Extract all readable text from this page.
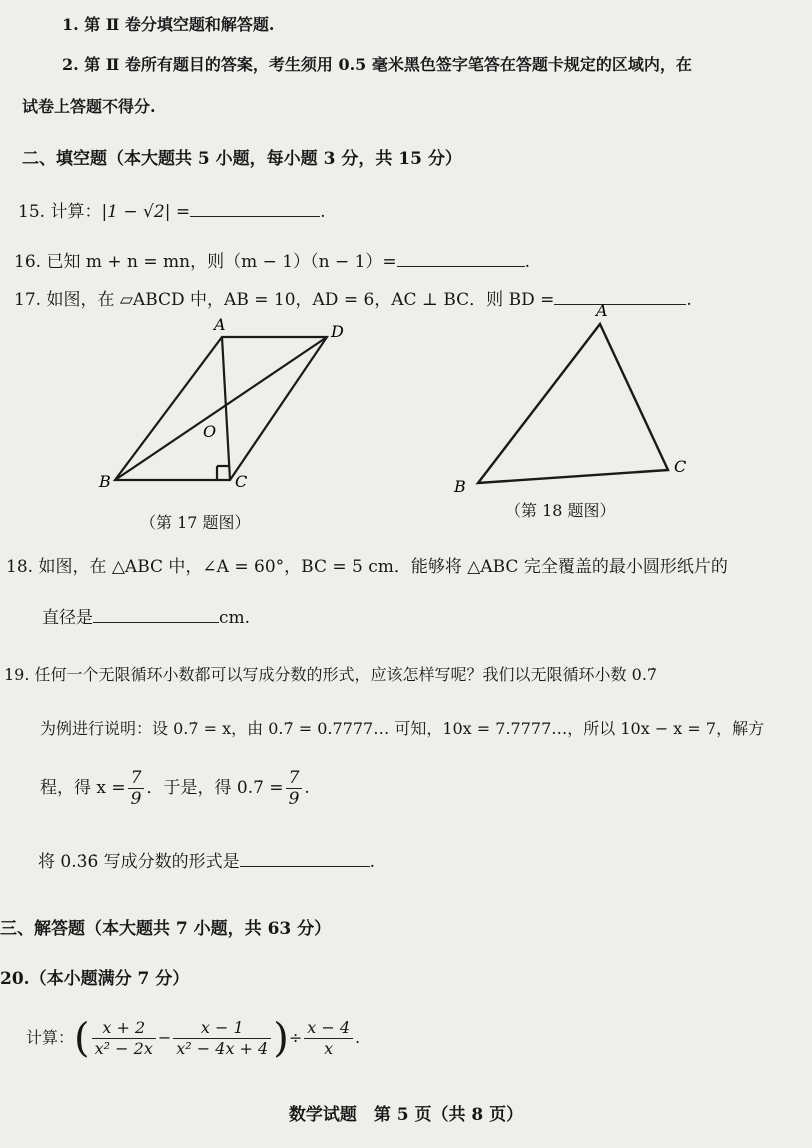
1. 第 Ⅱ 卷分填空题和解答题.
2. 第 Ⅱ 卷所有题目的答案，考生须用 0.5 毫米黑色签字笔答在答题卡规定的区域内，在
试卷上答题不得分.
二、填空题（本大题共 5 小题，每小题 3 分，共 15 分）
15. 计算：|1 − √2| =	.
16. 已知 m + n = mn，则（m − 1）（n − 1）=	.
17. 如图，在 ▱ABCD 中，AB = 10，AD = 6，AC ⊥ BC．则 BD =	.
A	D
B	C
O
（第 17 题图）
A
B
C
（第 18 题图）
18. 如图，在 △ABC 中，∠A = 60°，BC = 5 cm．能够将 △ABC 完全覆盖的最小圆形纸片的
直径是	cm.
19. 任何一个无限循环小数都可以写成分数的形式，应该怎样写呢？我们以无限循环小数 0.7̇
为例进行说明：设 0.7̇ = x，由 0.7̇ = 0.7777… 可知，10x = 7.7777…，所以 10x − x = 7，解方
程，得 $x = \frac{7}{9}$ ．于是，得 0.7̇ = $\frac{7}{9}$ .
将 0.3̇6̇ 写成分数的形式是	.
三、解答题（本大题共 7 小题，共 63 分）
20.（本小题满分 7 分）
计算：( $\frac{x + 2}{\text{x² − 2x}} - \frac{x - 1}{\text{x² − 4x + 4}}$ )÷ $\frac{x - 4}{x}$ .
数学试题　第 5 页（共 8 页）
